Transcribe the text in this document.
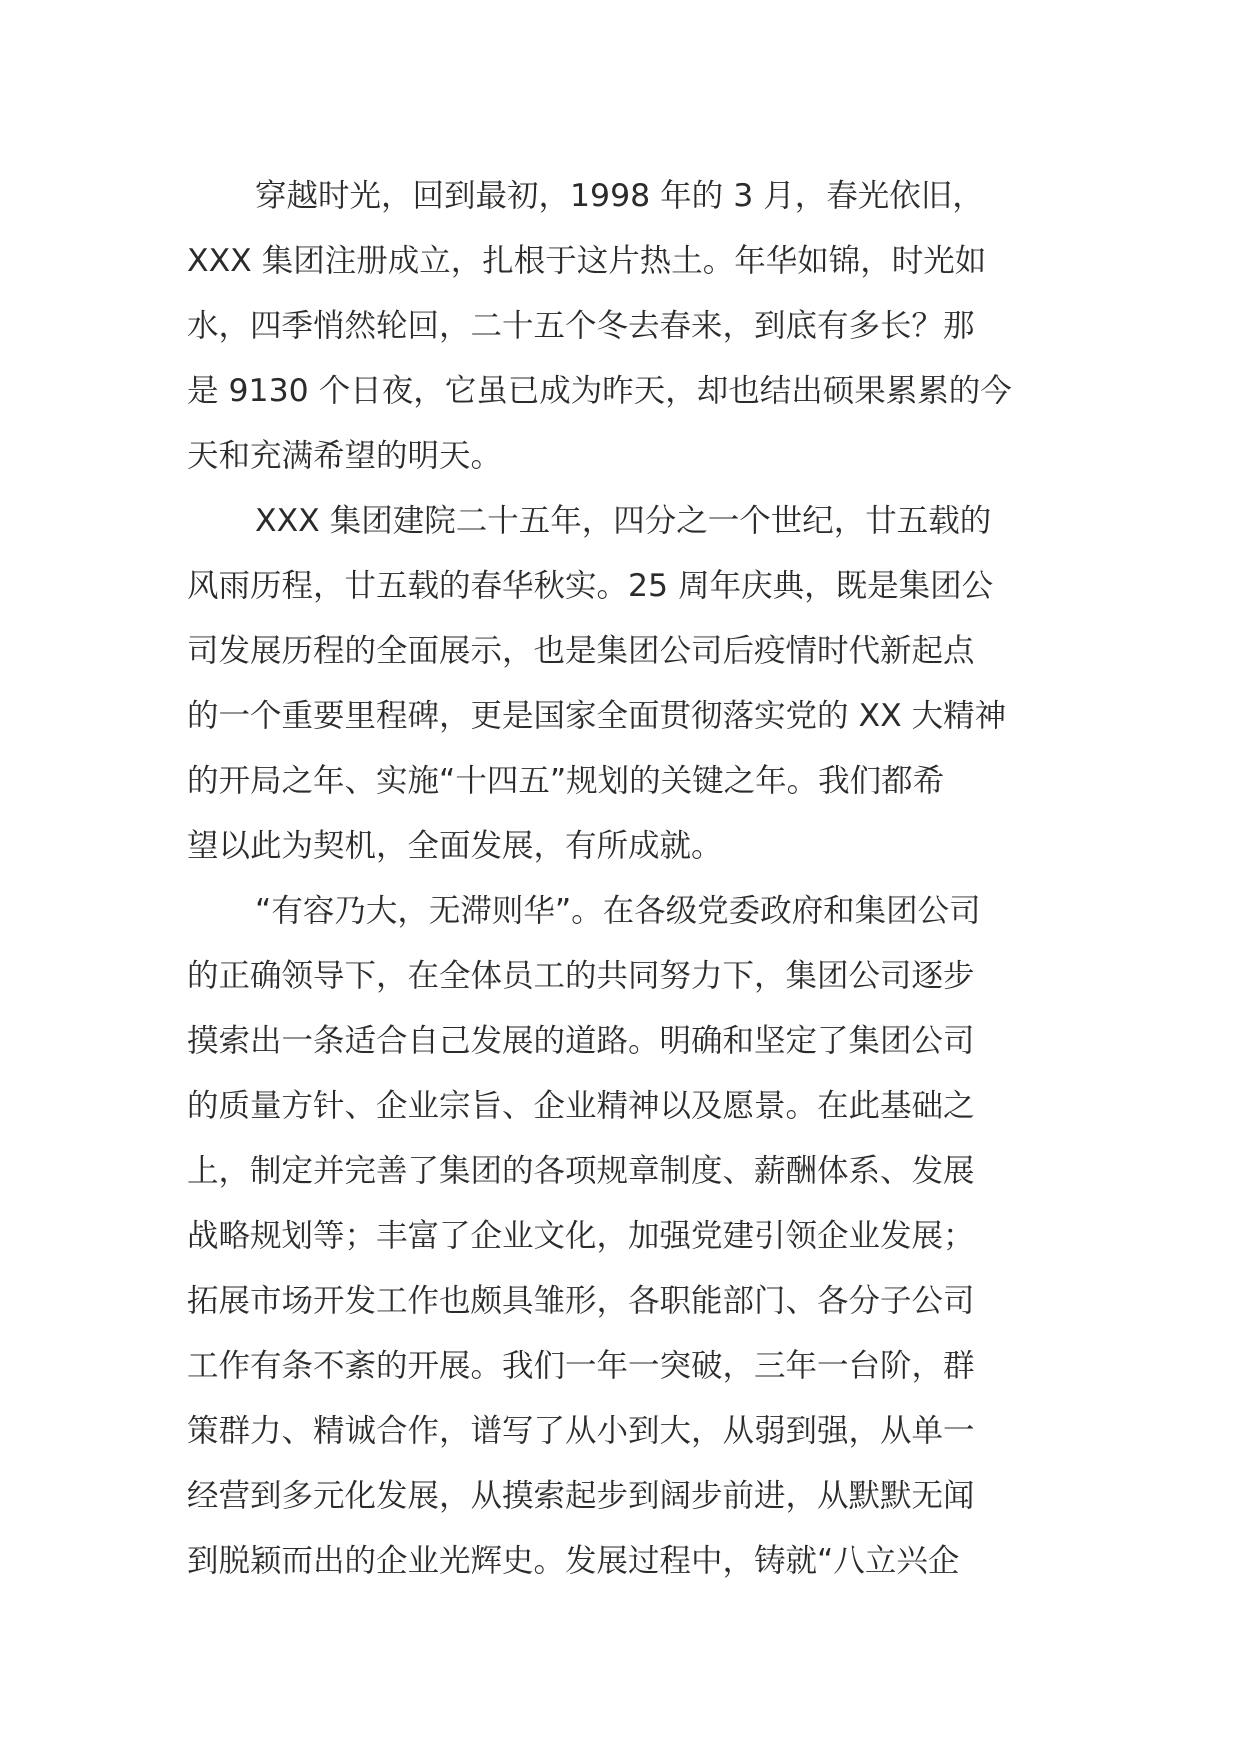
穿越时光，回到最初，1998 年的 3 月，春光依旧，
XXX 集团注册成立，扎根于这片热土。年华如锦，时光如
水，四季悄然轮回，二十五个冬去春来，到底有多长？那
是 9130 个日夜，它虽已成为昨天，却也结出硕果累累的今
天和充满希望的明天。
XXX 集团建院二十五年，四分之一个世纪，廿五载的
风雨历程，廿五载的春华秋实。25 周年庆典，既是集团公
司发展历程的全面展示，也是集团公司后疫情时代新起点
的一个重要里程碑，更是国家全面贯彻落实党的 XX 大精神
的开局之年、实施“十四五”规划的关键之年。我们都希
望以此为契机，全面发展，有所成就。
“有容乃大，无滞则华”。在各级党委政府和集团公司
的正确领导下，在全体员工的共同努力下，集团公司逐步
摸索出一条适合自己发展的道路。明确和坚定了集团公司
的质量方针、企业宗旨、企业精神以及愿景。在此基础之
上，制定并完善了集团的各项规章制度、薪酬体系、发展
战略规划等；丰富了企业文化，加强党建引领企业发展；
拓展市场开发工作也颇具雏形，各职能部门、各分子公司
工作有条不紊的开展。我们一年一突破，三年一台阶，群
策群力、精诚合作，谱写了从小到大，从弱到强，从单一
经营到多元化发展，从摸索起步到阔步前进，从默默无闻
到脱颖而出的企业光辉史。发展过程中，铸就“八立兴企
